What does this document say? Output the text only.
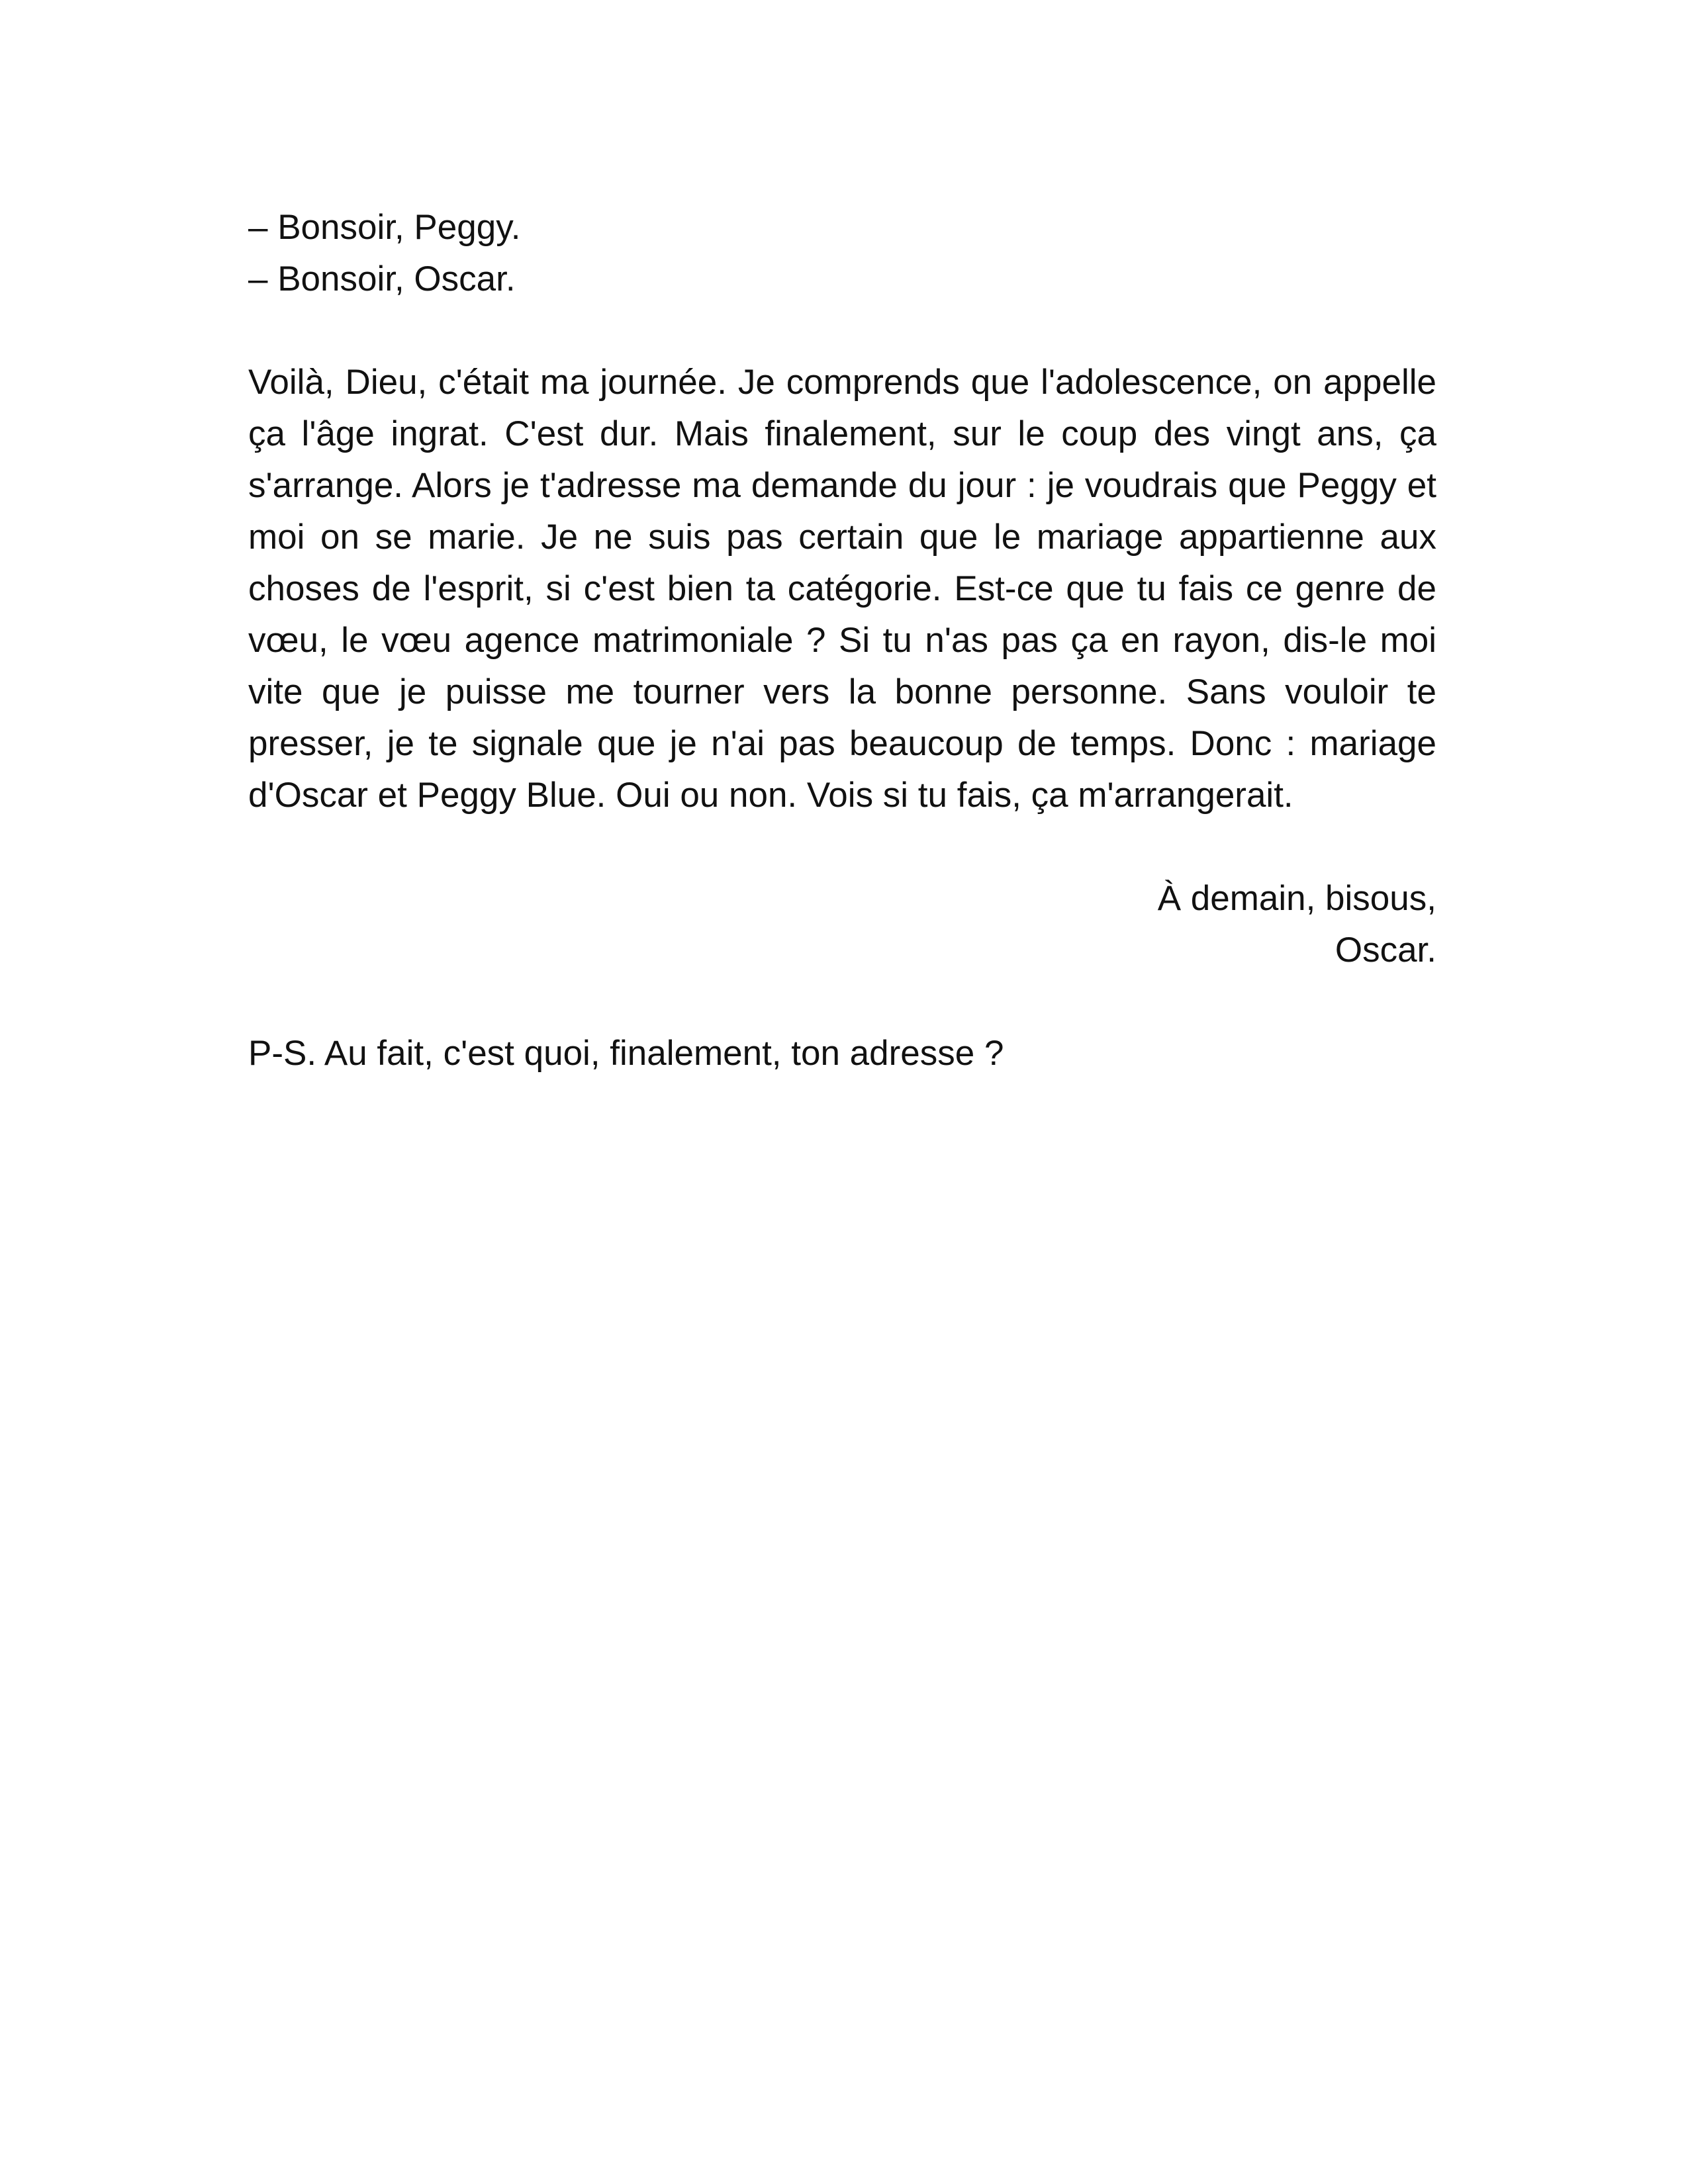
– Bonsoir, Peggy.

– Bonsoir, Oscar.

Voilà, Dieu, c'était ma journée. Je comprends que l'adolescence, on appelle ça l'âge ingrat. C'est dur. Mais finalement, sur le coup des vingt ans, ça s'arrange. Alors je t'adresse ma demande du jour : je voudrais que Peggy et moi on se marie. Je ne suis pas certain que le mariage appartienne aux choses de l'esprit, si c'est bien ta catégorie. Est-ce que tu fais ce genre de vœu, le vœu agence matrimoniale ? Si tu n'as pas ça en rayon, dis-le moi vite que je puisse me tourner vers la bonne personne. Sans vouloir te presser, je te signale que je n'ai pas beaucoup de temps. Donc : mariage d'Oscar et Peggy Blue. Oui ou non. Vois si tu fais, ça m'arrangerait.

À demain, bisous,

Oscar.

P-S. Au fait, c'est quoi, finalement, ton adresse ?
